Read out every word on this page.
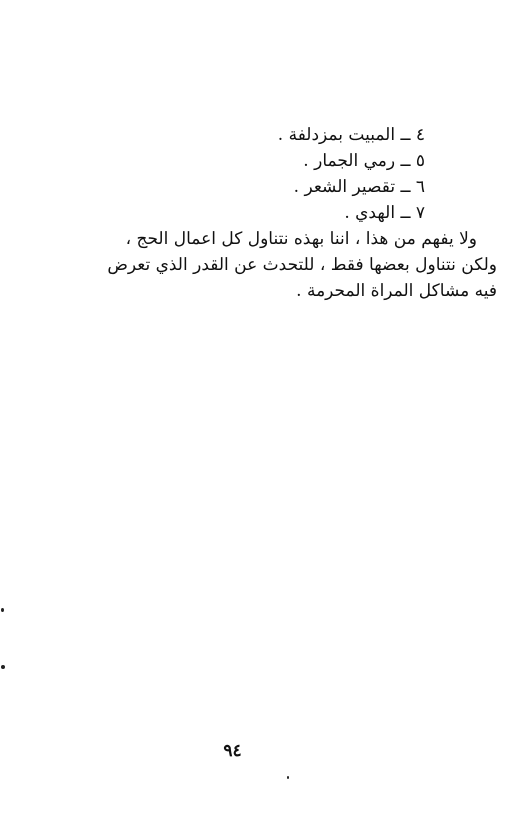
٤ ــ المبيت بمزدلفة .
٥ ــ رمي الجمار .
٦ ــ تقصير الشعر .
٧ ــ الهدي .

ولا يفهم من هذا ، اننا بهذه نتناول كل اعمال الحج ،
ولكن نتناول بعضها فقط ، للتحدث عن القدر الذي تعرض
فيه مشاكل المراة المحرمة .

٩٤
